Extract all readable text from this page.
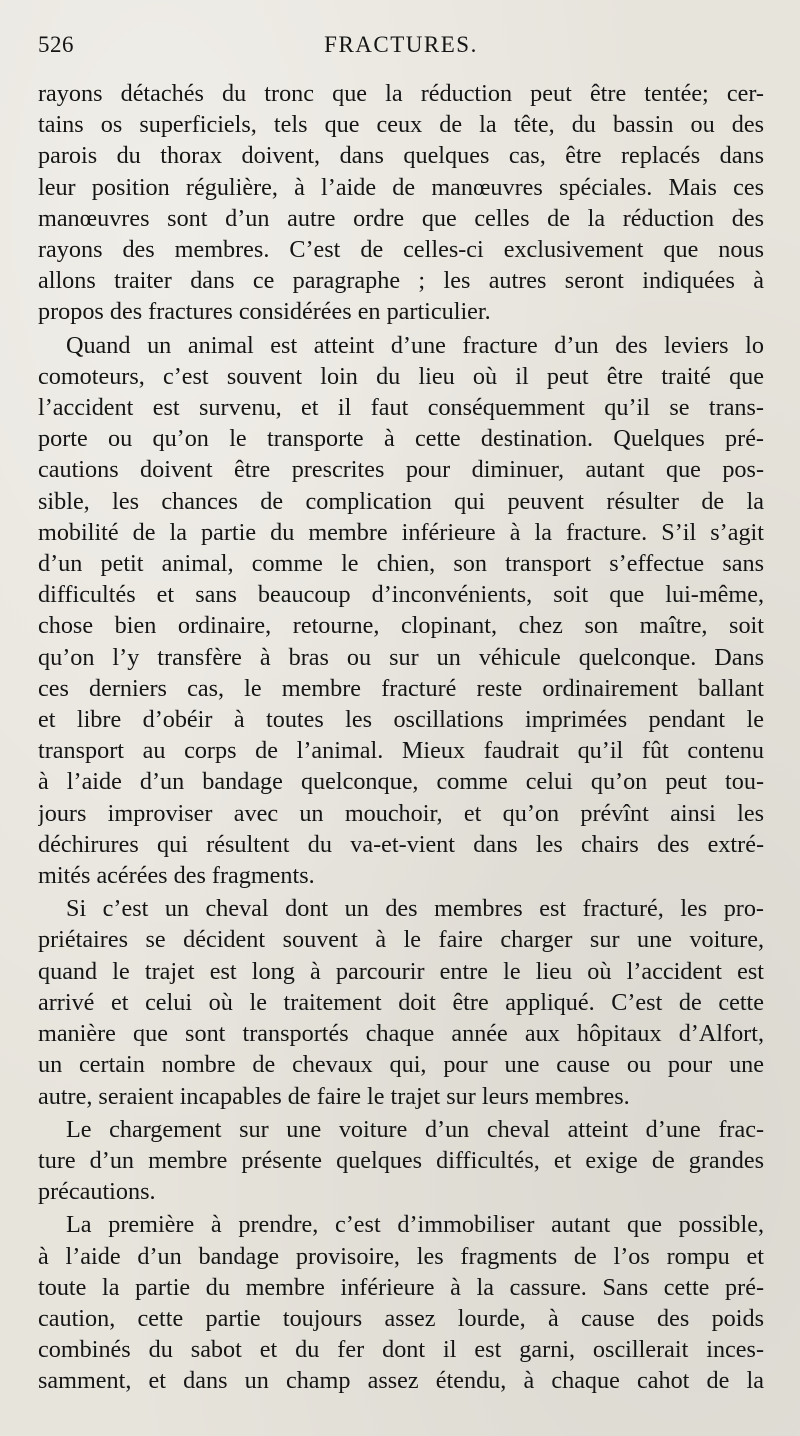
526	FRACTURES.
rayons détachés du tronc que la réduction peut être tentée; cer-
tains os superficiels, tels que ceux de la tête, du bassin ou des
parois du thorax doivent, dans quelques cas, être replacés dans
leur position régulière, à l’aide de manœuvres spéciales. Mais ces
manœuvres sont d’un autre ordre que celles de la réduction des
rayons des membres. C’est de celles-ci exclusivement que nous
allons traiter dans ce paragraphe ; les autres seront indiquées à
propos des fractures considérées en particulier.
Quand un animal est atteint d’une fracture d’un des leviers lo
comoteurs, c’est souvent loin du lieu où il peut être traité que
l’accident est survenu, et il faut conséquemment qu’il se trans-
porte ou qu’on le transporte à cette destination. Quelques pré-
cautions doivent être prescrites pour diminuer, autant que pos-
sible, les chances de complication qui peuvent résulter de la
mobilité de la partie du membre inférieure à la fracture. S’il s’agit
d’un petit animal, comme le chien, son transport s’effectue sans
difficultés et sans beaucoup d’inconvénients, soit que lui-même,
chose bien ordinaire, retourne, clopinant, chez son maître, soit
qu’on l’y transfère à bras ou sur un véhicule quelconque. Dans
ces derniers cas, le membre fracturé reste ordinairement ballant
et libre d’obéir à toutes les oscillations imprimées pendant le
transport au corps de l’animal. Mieux faudrait qu’il fût contenu
à l’aide d’un bandage quelconque, comme celui qu’on peut tou-
jours improviser avec un mouchoir, et qu’on prévînt ainsi les
déchirures qui résultent du va-et-vient dans les chairs des extré-
mités acérées des fragments.
Si c’est un cheval dont un des membres est fracturé, les pro-
priétaires se décident souvent à le faire charger sur une voiture,
quand le trajet est long à parcourir entre le lieu où l’accident est
arrivé et celui où le traitement doit être appliqué. C’est de cette
manière que sont transportés chaque année aux hôpitaux d’Alfort,
un certain nombre de chevaux qui, pour une cause ou pour une
autre, seraient incapables de faire le trajet sur leurs membres.
Le chargement sur une voiture d’un cheval atteint d’une frac-
ture d’un membre présente quelques difficultés, et exige de grandes
précautions.
La première à prendre, c’est d’immobiliser autant que possible,
à l’aide d’un bandage provisoire, les fragments de l’os rompu et
toute la partie du membre inférieure à la cassure. Sans cette pré-
caution, cette partie toujours assez lourde, à cause des poids
combinés du sabot et du fer dont il est garni, oscillerait inces-
samment, et dans un champ assez étendu, à chaque cahot de la
